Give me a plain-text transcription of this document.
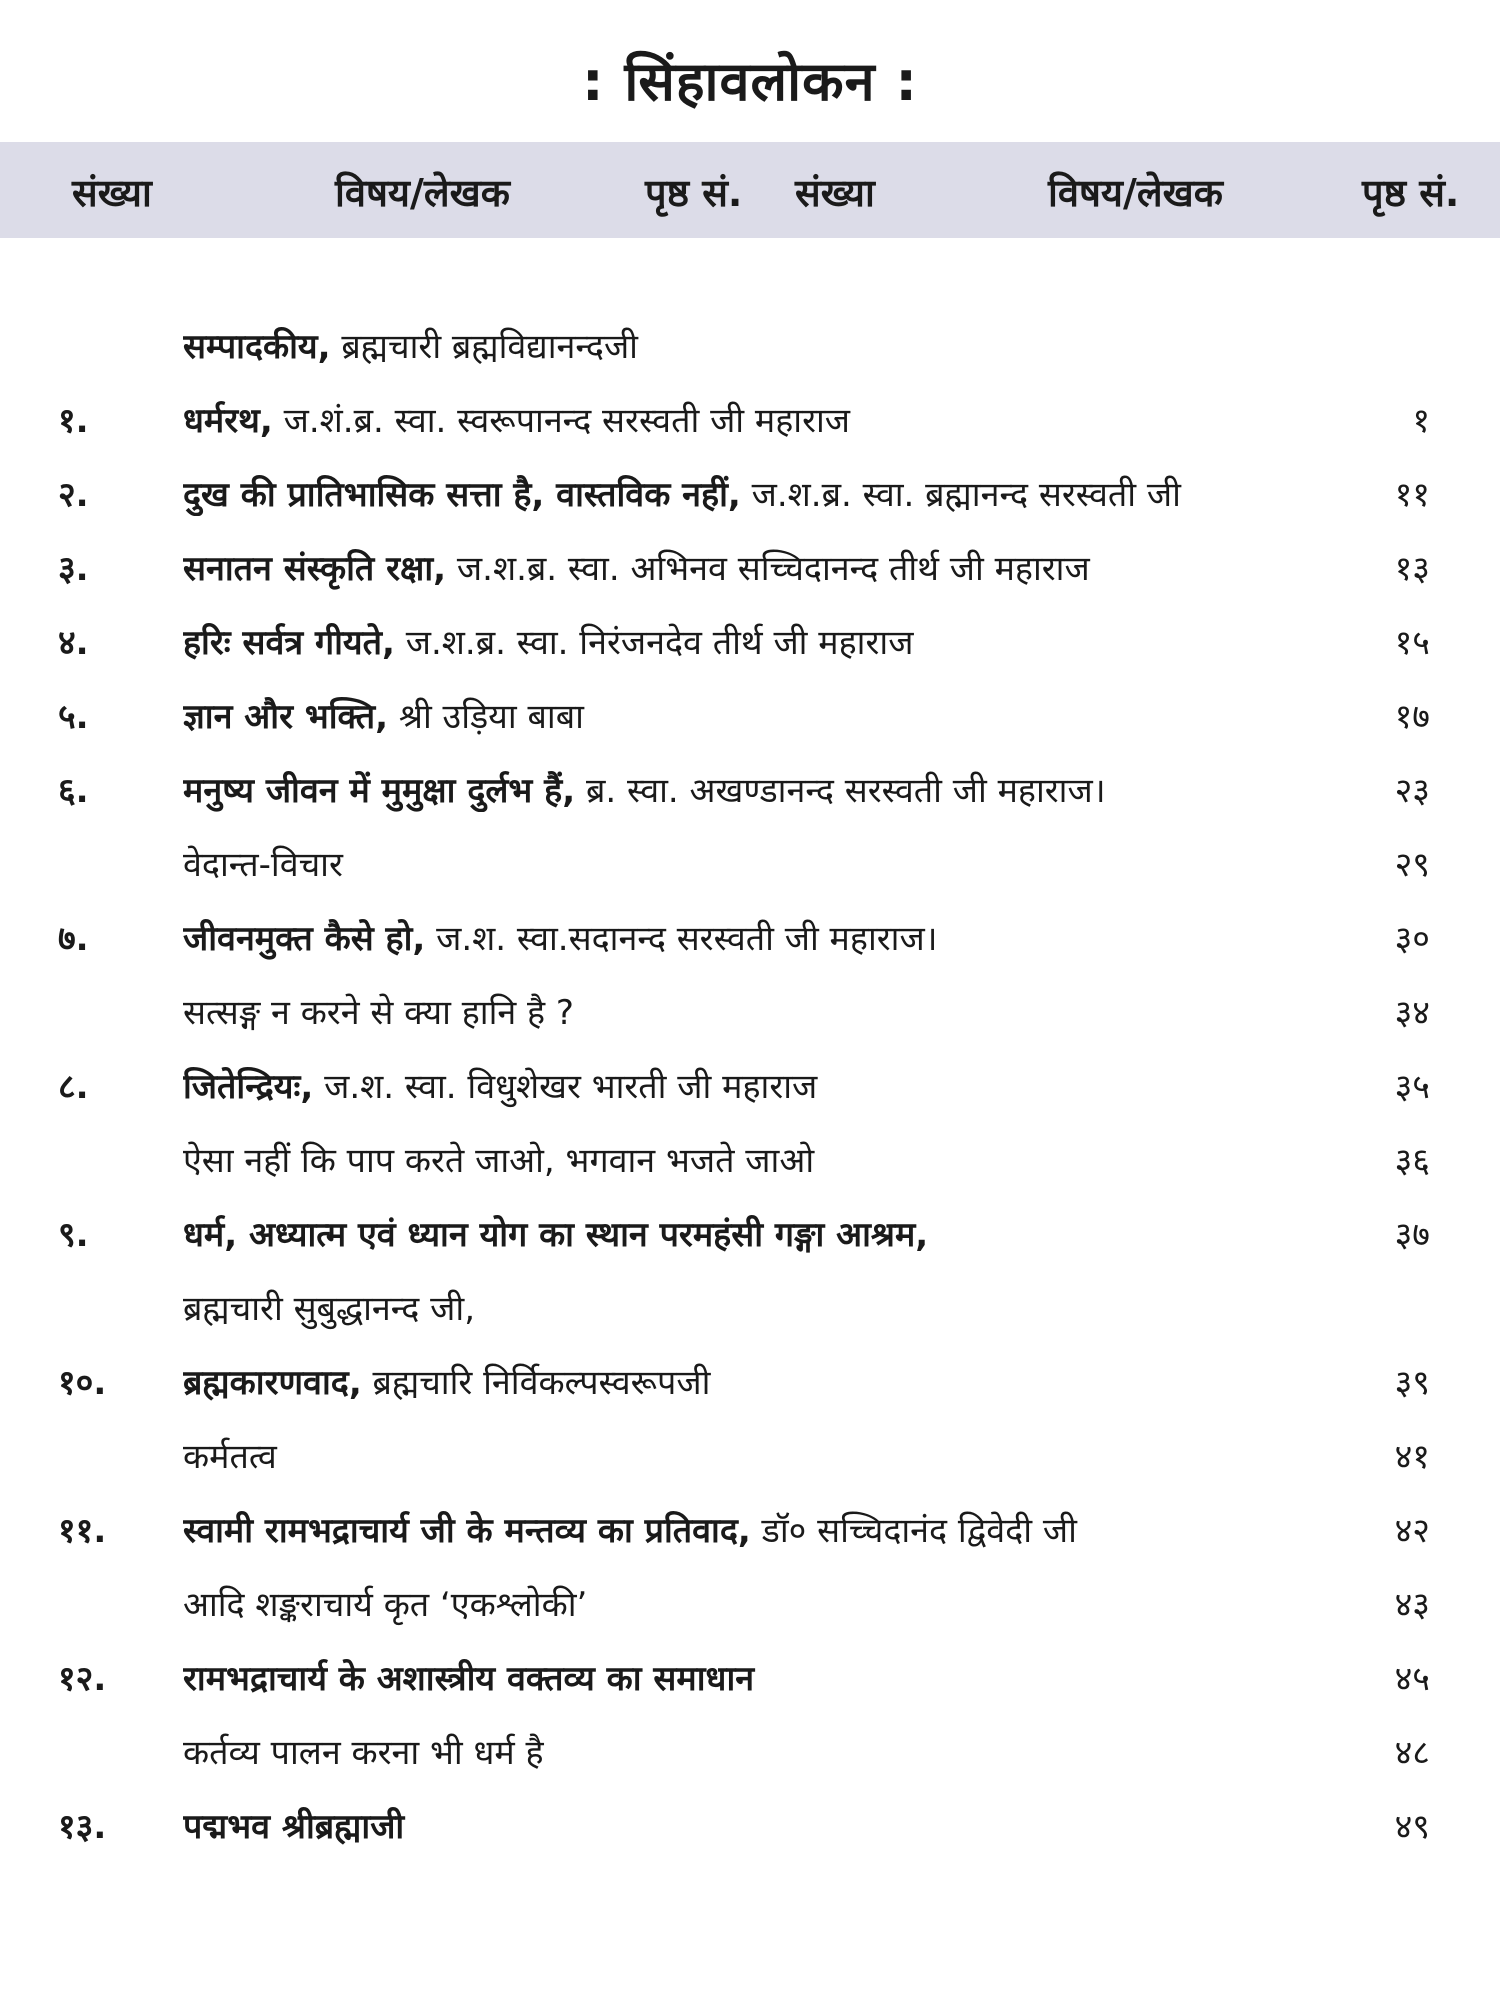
: सिंहावलोकन :
संख्या	विषय/लेखक	पृष्ठ सं. संख्या	विषय/लेखक	पृष्ठ सं.
सम्पादकीय, ब्रह्मचारी ब्रह्मविद्यानन्दजी
१.	धर्मरथ, ज.शं.ब्र. स्वा. स्वरूपानन्द सरस्वती जी महाराज	१
२.	दुख की प्रातिभासिक सत्ता है, वास्तविक नहीं, ज.श.ब्र. स्वा. ब्रह्मानन्द सरस्वती जी	११
३.	सनातन संस्कृति रक्षा, ज.श.ब्र. स्वा. अभिनव सच्चिदानन्द तीर्थ जी महाराज	१३
४.	हरिः सर्वत्र गीयते, ज.श.ब्र. स्वा. निरंजनदेव तीर्थ जी महाराज	१५
५.	ज्ञान और भक्ति, श्री उड़िया बाबा	१७
६.	मनुष्य जीवन में मुमुक्षा दुर्लभ हैं, ब्र. स्वा. अखण्डानन्द सरस्वती जी महाराज।	२३
वेदान्त-विचार	२९
७.	जीवनमुक्त कैसे हो, ज.श. स्वा.सदानन्द सरस्वती जी महाराज।	३०
सत्सङ्ग न करने से क्या हानि है ?	३४
८.	जितेन्द्रियः, ज.श. स्वा. विधुशेखर भारती जी महाराज	३५
ऐसा नहीं कि पाप करते जाओ, भगवान भजते जाओ	३६
९.	धर्म, अध्यात्म एवं ध्यान योग का स्थान परमहंसी गङ्गा आश्रम,	३७
ब्रह्मचारी सुबुद्धानन्द जी,
१०. ब्रह्मकारणवाद, ब्रह्मचारि निर्विकल्पस्वरूपजी	३९
कर्मतत्व	४१
११. स्वामी रामभद्राचार्य जी के मन्तव्य का प्रतिवाद, डॉ० सच्चिदानंद द्विवेदी जी	४२
आदि शङ्कराचार्य कृत ‘एकश्लोकी’	४३
१२. रामभद्राचार्य के अशास्त्रीय वक्तव्य का समाधान	४५
कर्तव्य पालन करना भी धर्म है	४८
१३. पद्मभव श्रीब्रह्माजी	४९
